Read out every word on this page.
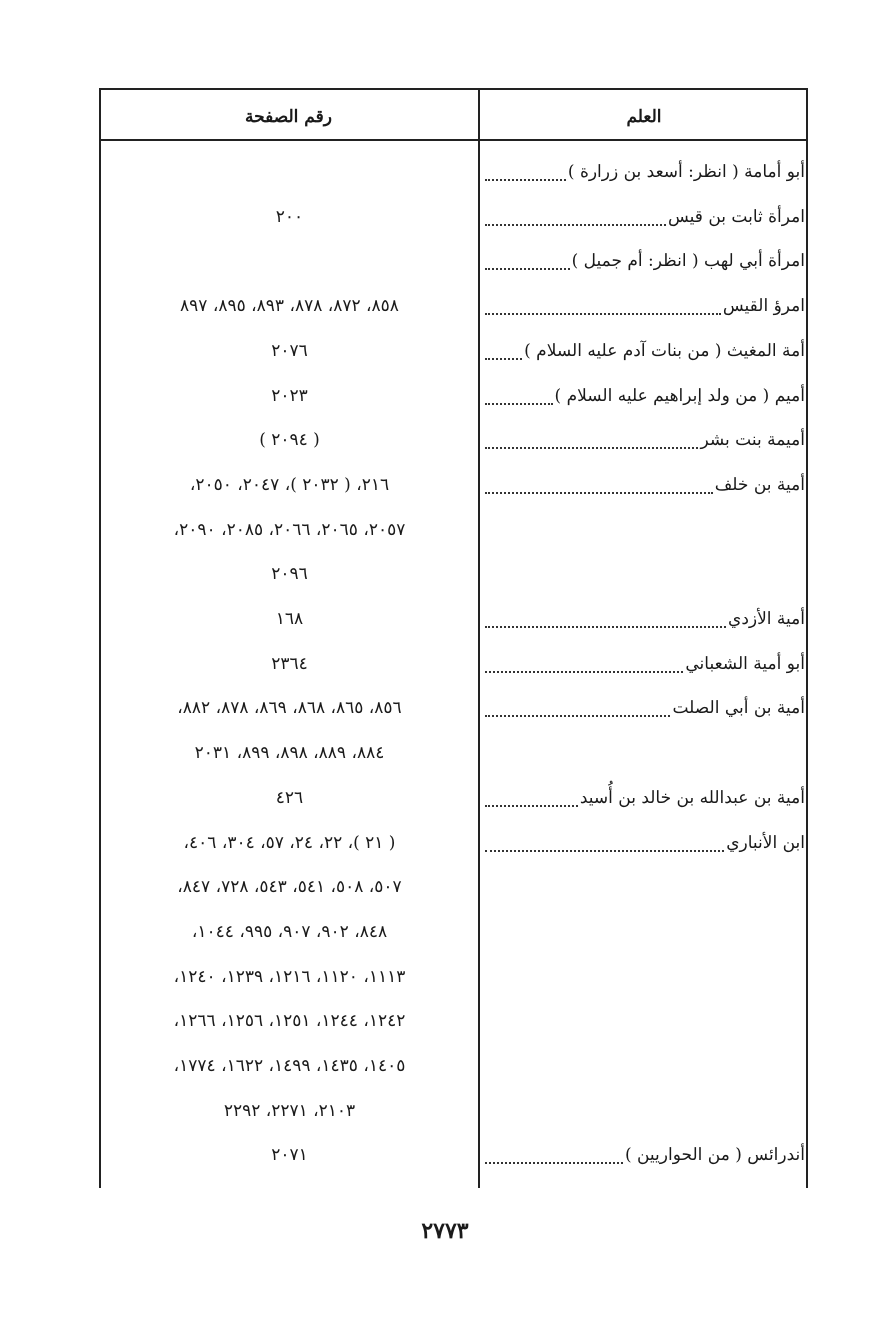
العلم
رقم الصفحة
أبو أمامة ( انظر: أسعد بن زرارة )
امرأة ثابت بن قيس
٢٠٠
امرأة أبي لهب ( انظر: أم جميل )
امرؤ القيس
٨٥٨، ٨٧٢، ٨٧٨، ٨٩٣، ٨٩٥، ٨٩٧
أمة المغيث ( من بنات آدم عليه السلام )
٢٠٧٦
أميم ( من ولد إبراهيم عليه السلام )
٢٠٢٣
أميمة بنت بشر
( ٢٠٩٤ )
أمية بن خلف
٢١٦، ( ٢٠٣٢ )، ٢٠٤٧، ٢٠٥٠،
٢٠٥٧، ٢٠٦٥، ٢٠٦٦، ٢٠٨٥، ٢٠٩٠،
٢٠٩٦
أمية الأزدي
١٦٨
أبو أمية الشعباني
٢٣٦٤
أمية بن أبي الصلت
٨٥٦، ٨٦٥، ٨٦٨، ٨٦٩، ٨٧٨، ٨٨٢،
٨٨٤، ٨٨٩، ٨٩٨، ٨٩٩، ٢٠٣١
أمية بن عبدالله بن خالد بن أُسيد
٤٢٦
ابن الأنباري
( ٢١ )، ٢٢، ٢٤، ٥٧، ٣٠٤، ٤٠٦،
٥٠٧، ٥٠٨، ٥٤١، ٥٤٣، ٧٢٨، ٨٤٧،
٨٤٨، ٩٠٢، ٩٠٧، ٩٩٥، ١٠٤٤،
١١١٣، ١١٢٠، ١٢١٦، ١٢٣٩، ١٢٤٠،
١٢٤٢، ١٢٤٤، ١٢٥١، ١٢٥٦، ١٢٦٦،
١٤٠٥، ١٤٣٥، ١٤٩٩، ١٦٢٢، ١٧٧٤،
٢١٠٣، ٢٢٧١، ٢٢٩٢
أندرائس ( من الحواريين )
٢٠٧١
٢٧٧٣
